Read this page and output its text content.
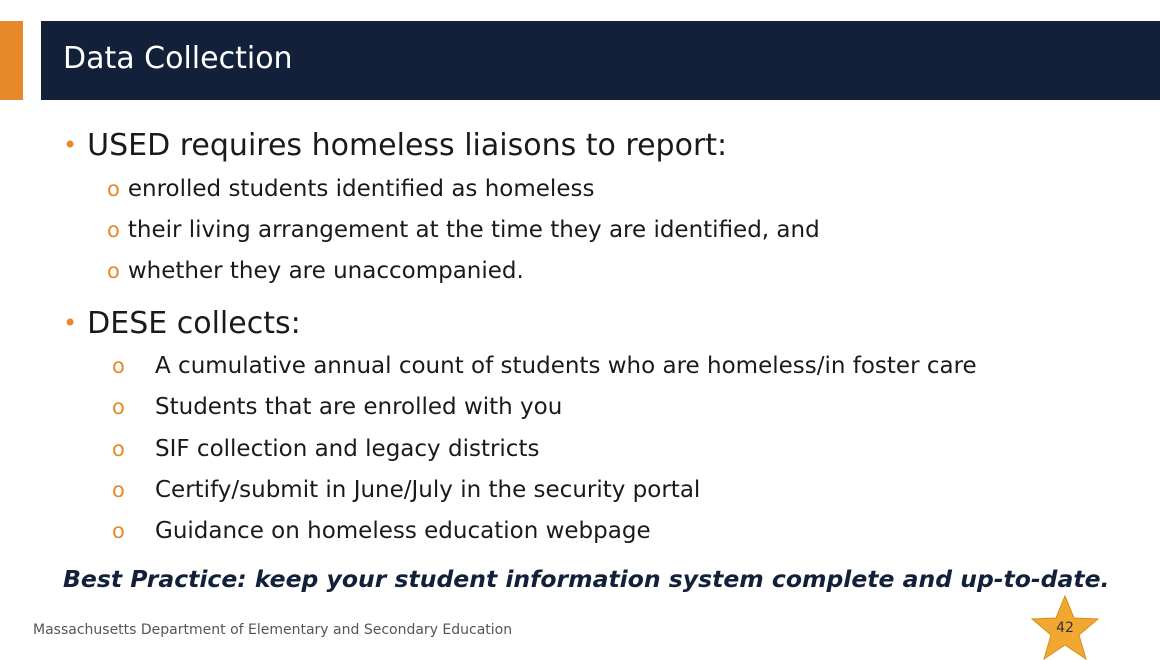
Data Collection
• USED requires homeless liaisons to report:
o enrolled students identified as homeless
o their living arrangement at the time they are identified, and
o whether they are unaccompanied.
• DESE collects:
o A cumulative annual count of students who are homeless/in foster care
o Students that are enrolled with you
o SIF collection and legacy districts
o Certify/submit in June/July in the security portal
o Guidance on homeless education webpage
Best Practice: keep your student information system complete and up-to-date.
Massachusetts Department of Elementary and Secondary Education	42
